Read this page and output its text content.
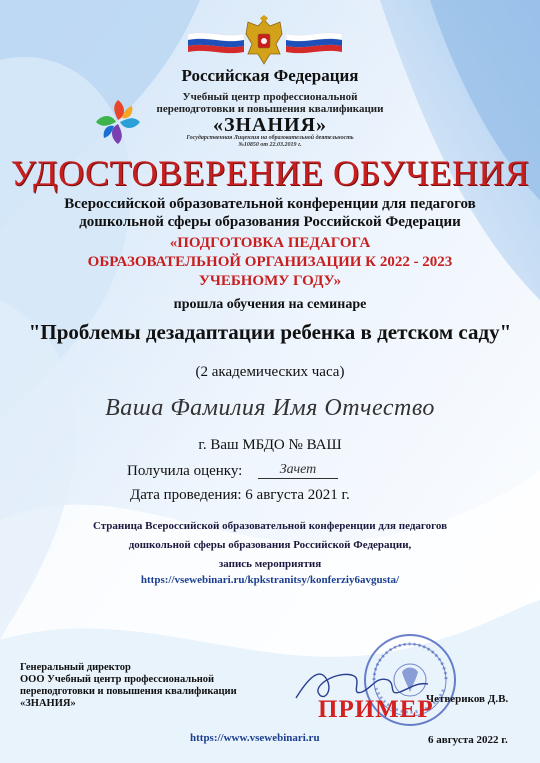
Российская Федерация
Учебный центр профессиональной
переподготовки и повышения квалификации
«ЗНАНИЯ»
Государственная Лицензия на образовательной деятельность
№10850 от 22.03.2019 г.
УДОСТОВЕРЕНИЕ ОБУЧЕНИЯ
Всероссийской образовательной конференции для педагогов
дошкольной сферы образования Российской Федерации
«ПОДГОТОВКА ПЕДАГОГА
ОБРАЗОВАТЕЛЬНОЙ ОРГАНИЗАЦИИ К 2022 - 2023
УЧЕБНОМУ ГОДУ»
прошла обучения на семинаре
"Проблемы дезадаптации ребенка в детском саду"
(2 академических часа)
Ваша Фамилия Имя Отчество
г. Ваш МБДО № ВАШ
Получила оценку:	Зачет
Дата проведения: 6 августа 2021 г.
Страница Всероссийской образовательной конференции для педагогов
дошкольной сферы образования Российской Федерации,
запись мероприятия
https://vsewebinari.ru/kpkstranitsy/konferziy6avgusta/
Генеральный директор
ООО Учебный центр профессиональной
переподготовки и повышения квалификации
«ЗНАНИЯ»	ПРИМЕР
Четвериков Д.В.
https://www.vsewebinari.ru	6 августа 2022 г.
